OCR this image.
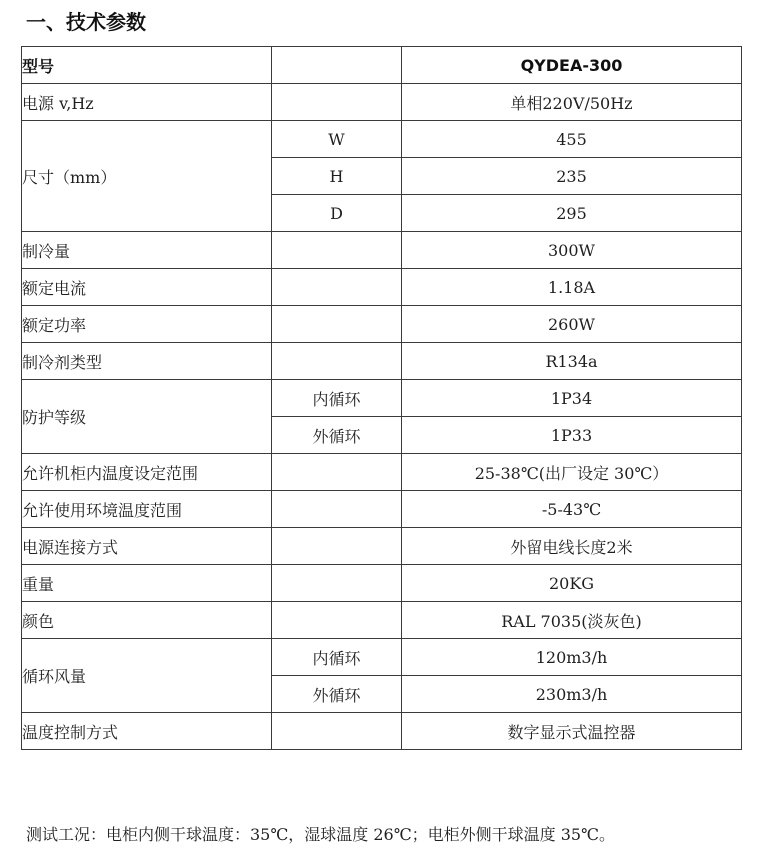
一、技术参数
型号		QYDEA-300
电源 v,Hz		单相220V/50Hz
尺寸（mm）	W	455
	H	235
	D	295
制冷量		300W
额定电流		1.18A
额定功率		260W
制冷剂类型		R134a
防护等级	内循环	1P34
	外循环	1P33
允许机柜内温度设定范围		25-38℃(出厂设定 30℃）
允许使用环境温度范围		-5-43℃
电源连接方式		外留电线长度2米
重量		20KG
颜色		RAL 7035(淡灰色)
循环风量	内循环	120m3/h
	外循环	230m3/h
温度控制方式		数字显示式温控器
测试工况：电柜内侧干球温度：35℃，湿球温度 26℃；电柜外侧干球温度 35℃。
